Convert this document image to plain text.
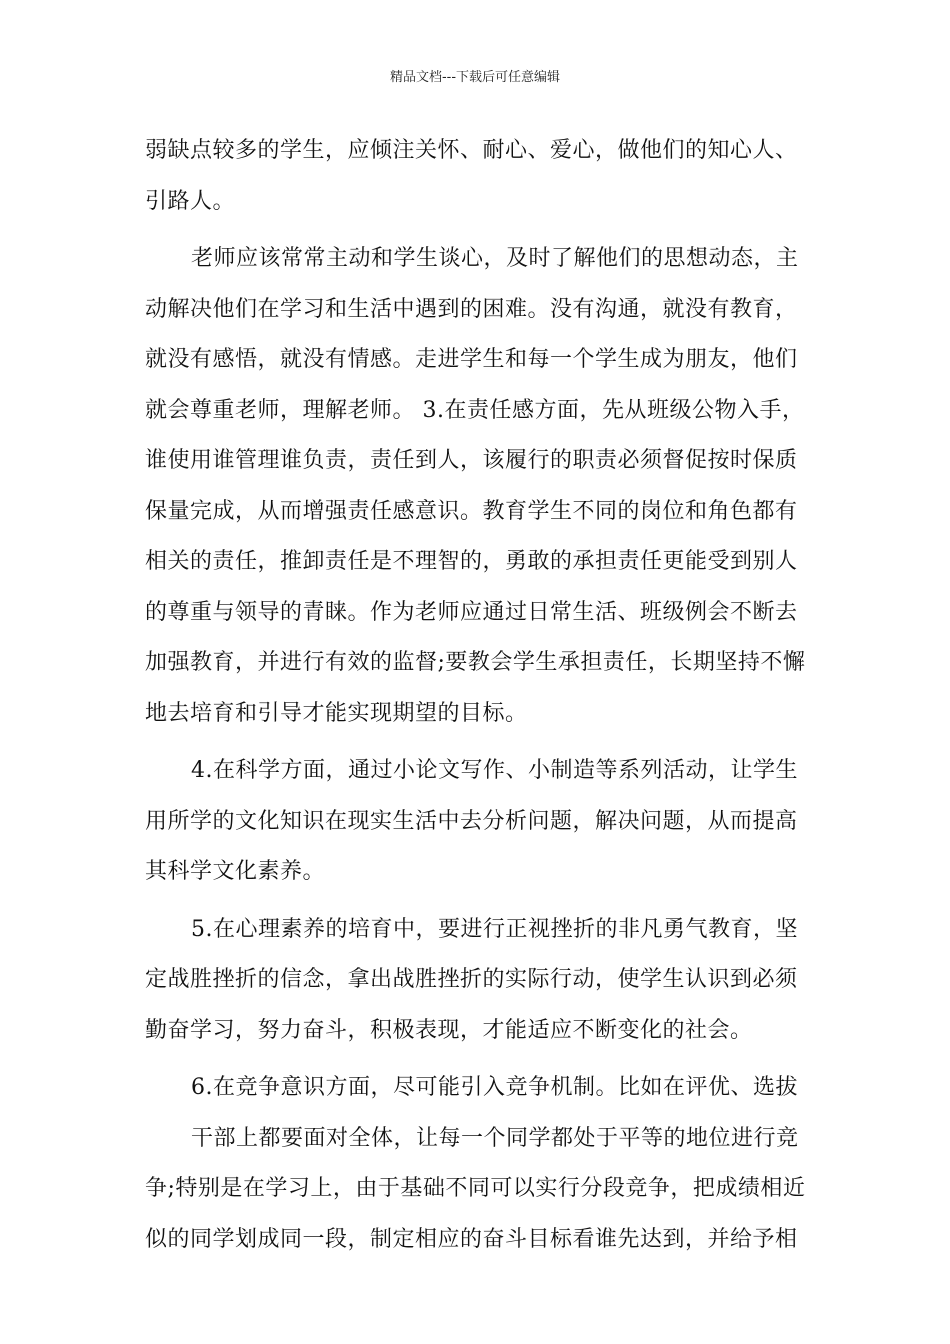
精品文档---下载后可任意编辑
弱缺点较多的学生，应倾注关怀、耐心、爱心，做他们的知心人、
引路人。
老师应该常常主动和学生谈心，及时了解他们的思想动态，主
动解决他们在学习和生活中遇到的困难。没有沟通，就没有教育，
就没有感悟，就没有情感。走进学生和每一个学生成为朋友，他们
就会尊重老师，理解老师。 3.在责任感方面，先从班级公物入手，
谁使用谁管理谁负责，责任到人，该履行的职责必须督促按时保质
保量完成，从而增强责任感意识。教育学生不同的岗位和角色都有
相关的责任，推卸责任是不理智的，勇敢的承担责任更能受到别人
的尊重与领导的青睐。作为老师应通过日常生活、班级例会不断去
加强教育，并进行有效的监督;要教会学生承担责任，长期坚持不懈
地去培育和引导才能实现期望的目标。
4.在科学方面，通过小论文写作、小制造等系列活动，让学生
用所学的文化知识在现实生活中去分析问题，解决问题，从而提高
其科学文化素养。
5.在心理素养的培育中，要进行正视挫折的非凡勇气教育，坚
定战胜挫折的信念，拿出战胜挫折的实际行动，使学生认识到必须
勤奋学习，努力奋斗，积极表现，才能适应不断变化的社会。
6.在竞争意识方面，尽可能引入竞争机制。比如在评优、选拔
干部上都要面对全体，让每一个同学都处于平等的地位进行竞
争;特别是在学习上，由于基础不同可以实行分段竞争，把成绩相近
似的同学划成同一段，制定相应的奋斗目标看谁先达到，并给予相
